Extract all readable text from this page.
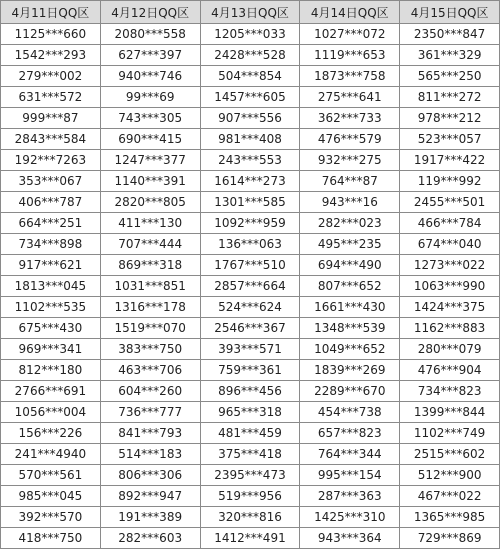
4月11日QQ区	4月12日QQ区	4月13日QQ区	4月14日QQ区	4月15日QQ区
1125***660	2080***558	1205***033	1027***072	2350***847
1542***293	627***397	2428***528	1119***653	361***329
279***002	940***746	504***854	1873***758	565***250
631***572	99***69	1457***605	275***641	811***272
999***87	743***305	907***556	362***733	978***212
2843***584	690***415	981***408	476***579	523***057
192***7263	1247***377	243***553	932***275	1917***422
353***067	1140***391	1614***273	764***87	119***992
406***787	2820***805	1301***585	943***16	2455***501
664***251	411***130	1092***959	282***023	466***784
734***898	707***444	136***063	495***235	674***040
917***621	869***318	1767***510	694***490	1273***022
1813***045	1031***851	2857***664	807***652	1063***990
1102***535	1316***178	524***624	1661***430	1424***375
675***430	1519***070	2546***367	1348***539	1162***883
969***341	383***750	393***571	1049***652	280***079
812***180	463***706	759***361	1839***269	476***904
2766***691	604***260	896***456	2289***670	734***823
1056***004	736***777	965***318	454***738	1399***844
156***226	841***793	481***459	657***823	1102***749
241***4940	514***183	375***418	764***344	2515***602
570***561	806***306	2395***473	995***154	512***900
985***045	892***947	519***956	287***363	467***022
392***570	191***389	320***816	1425***310	1365***985
418***750	282***603	1412***491	943***364	729***869
